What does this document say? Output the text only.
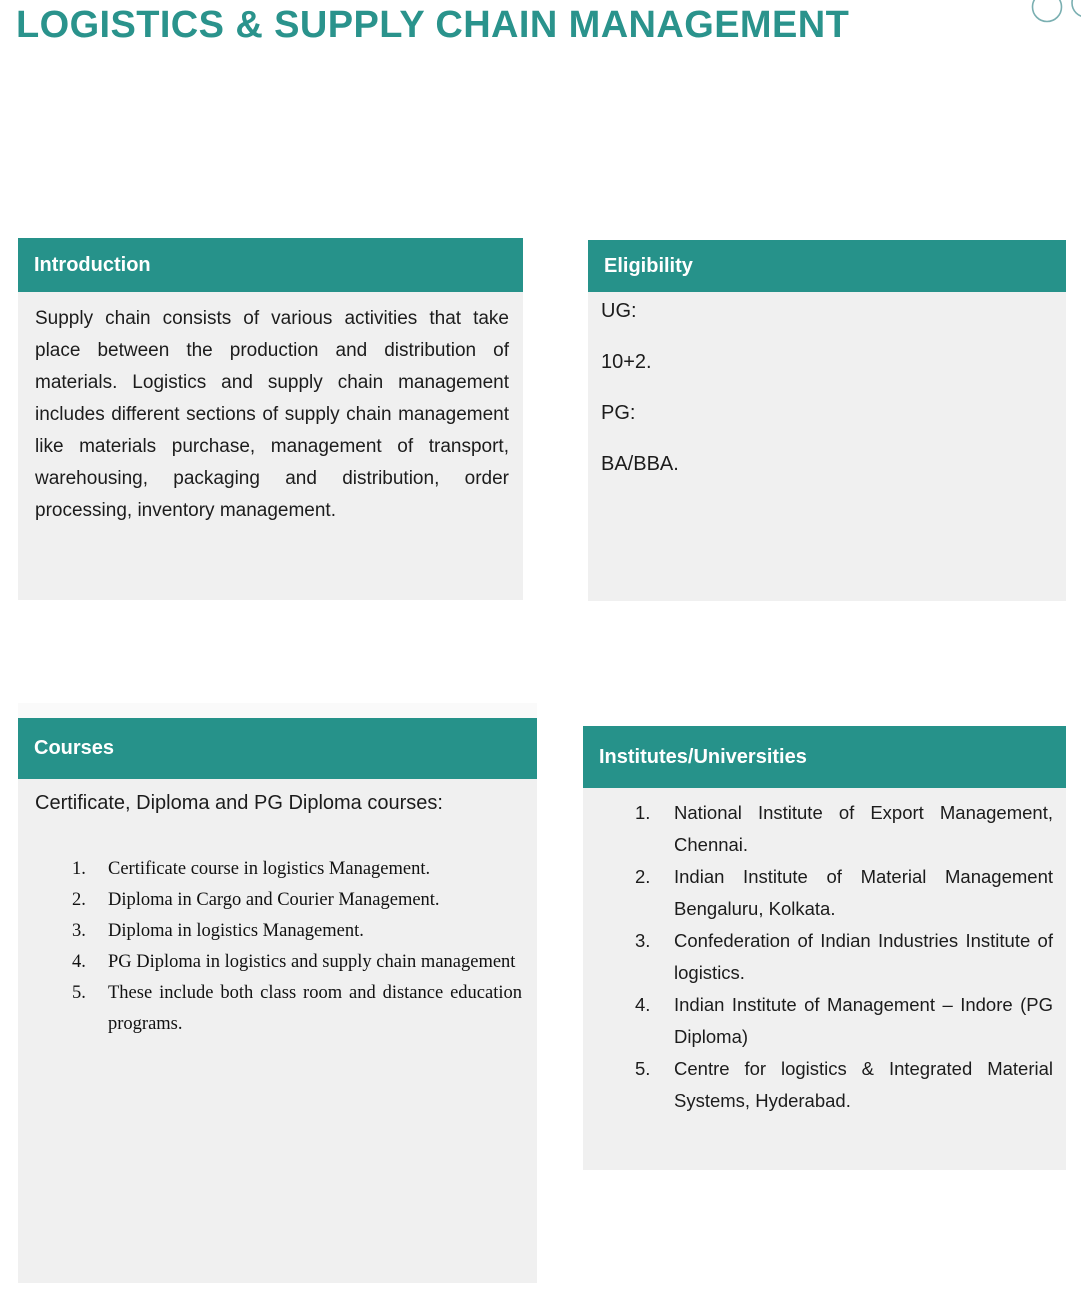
LOGISTICS & SUPPLY CHAIN MANAGEMENT
Introduction

Supply chain consists of various activities that take place between the production and distribution of materials. Logistics and supply chain management includes different sections of supply chain management like materials purchase, management of transport, warehousing, packaging and distribution, order processing, inventory management.

Eligibility

UG:

10+2.

PG:

BA/BBA.

Courses

Certificate, Diploma and PG Diploma courses:

Certificate course in logistics Management.
Diploma in Cargo and Courier Management.
Diploma in logistics Management.
PG Diploma in logistics and supply chain management
These include both class room and distance education programs.
Institutes/Universities
National Institute of Export Management, Chennai.
Indian Institute of Material Management Bengaluru, Kolkata.
Confederation of Indian Industries Institute of logistics.
Indian Institute of Management – Indore (PG Diploma)
Centre for logistics & Integrated Material Systems, Hyderabad.
